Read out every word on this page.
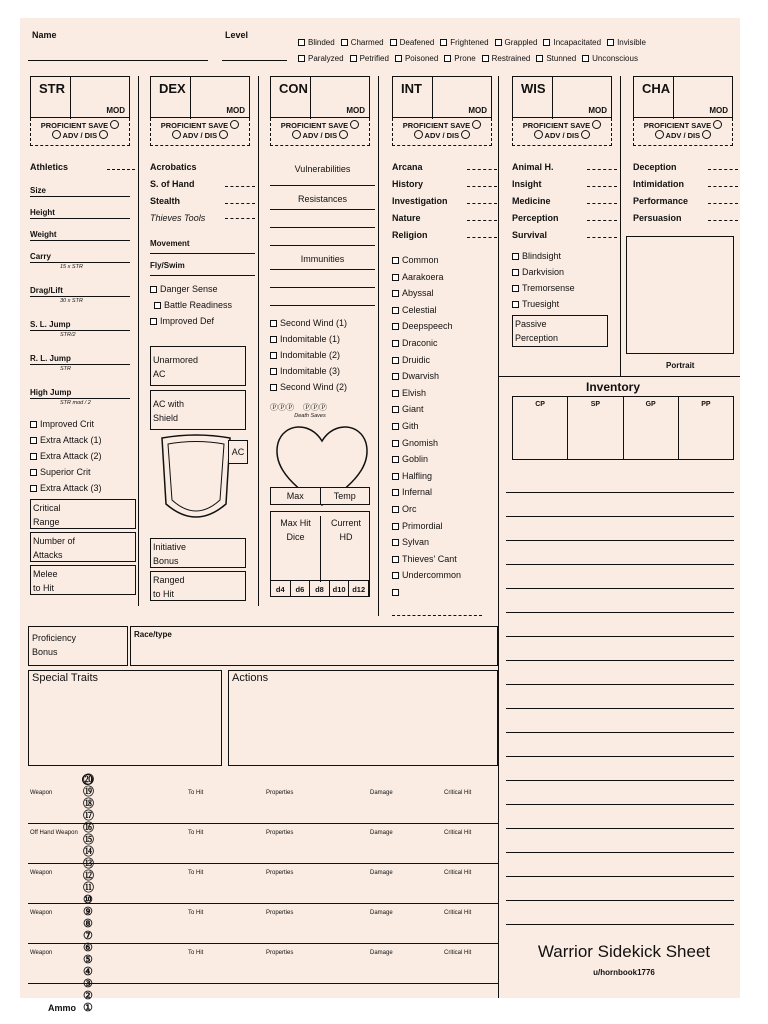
Name	Level
Blinded Charmed Deafened Frightened Grappled Incapacitated Invisible
Paralyzed Petrified Poisoned Prone Restrained Stunned Unconscious
STR
MOD
PROFICIENT SAVE
ADV / DIS
DEX
MOD
PROFICIENT SAVE
ADV / DIS
CON
MOD
PROFICIENT SAVE
ADV / DIS
INT
MOD
PROFICIENT SAVE
ADV / DIS
WIS
MOD
PROFICIENT SAVE
ADV / DIS
CHA
MOD
PROFICIENT SAVE
ADV / DIS
Athletics
Size
Height
Weight
Carry
15 x STR
Drag/Lift
30 x STR
S. L. Jump
STR/2
R. L. Jump
STR
High Jump
STR mod / 2
Improved Crit
Extra Attack (1)
Extra Attack (2)
Superior Crit
Extra Attack (3)
Critical
Range
Number of
Attacks
Melee
to Hit
Acrobatics
S. of Hand
Stealth
Thieves Tools
Movement
Fly/Swim
Danger Sense
Battle Readiness
Improved Def
Unarmored
AC
AC with
Shield
AC
Initiative
Bonus
Ranged
to Hit
Vulnerabilities
Resistances
Immunities
Second Wind (1)
Indomitable (1)
Indomitable (2)
Indomitable (3)
Second Wind (2)
ⓅⓅⓅ    ⓅⓅⓅ
Death Saves
Max	Temp
Max Hit
Dice
Current
HD
d4	d6	d8	d10 d12
Arcana
History
Investigation
Nature
Religion
Common
Aarakoera
Abyssal
Celestial
Deepspeech
Draconic
Druidic
Dwarvish
Elvish
Giant
Gith
Gnomish
Goblin
Halfling
Infernal
Orc
Primordial
Sylvan
Thieves' Cant
Undercommon
Animal H.
Insight
Medicine
Perception
Survival
Blindsight
Darkvision
Tremorsense
Truesight
Passive
Perception
Deception
Intimidation
Performance
Persuasion
Portrait
Inventory
CP	SP	GP	PP
Proficiency
Bonus
Race/type
Special Traits	Actions
Ammo⑳⑲⑱⑰⑯⑮⑭⑬⑫⑪⑩⑨⑧⑦⑥⑤④③②①
Weapon	To Hit	Properties	Damage	Critical Hit
Off Hand Weapon	To Hit	Properties	Damage	Critical Hit
Weapon	To Hit	Properties	Damage	Critical Hit
Weapon	To Hit	Properties	Damage	Critical Hit
Weapon	To Hit	Properties	Damage	Critical Hit	Warrior Sidekick Sheet
u/hornbook1776
